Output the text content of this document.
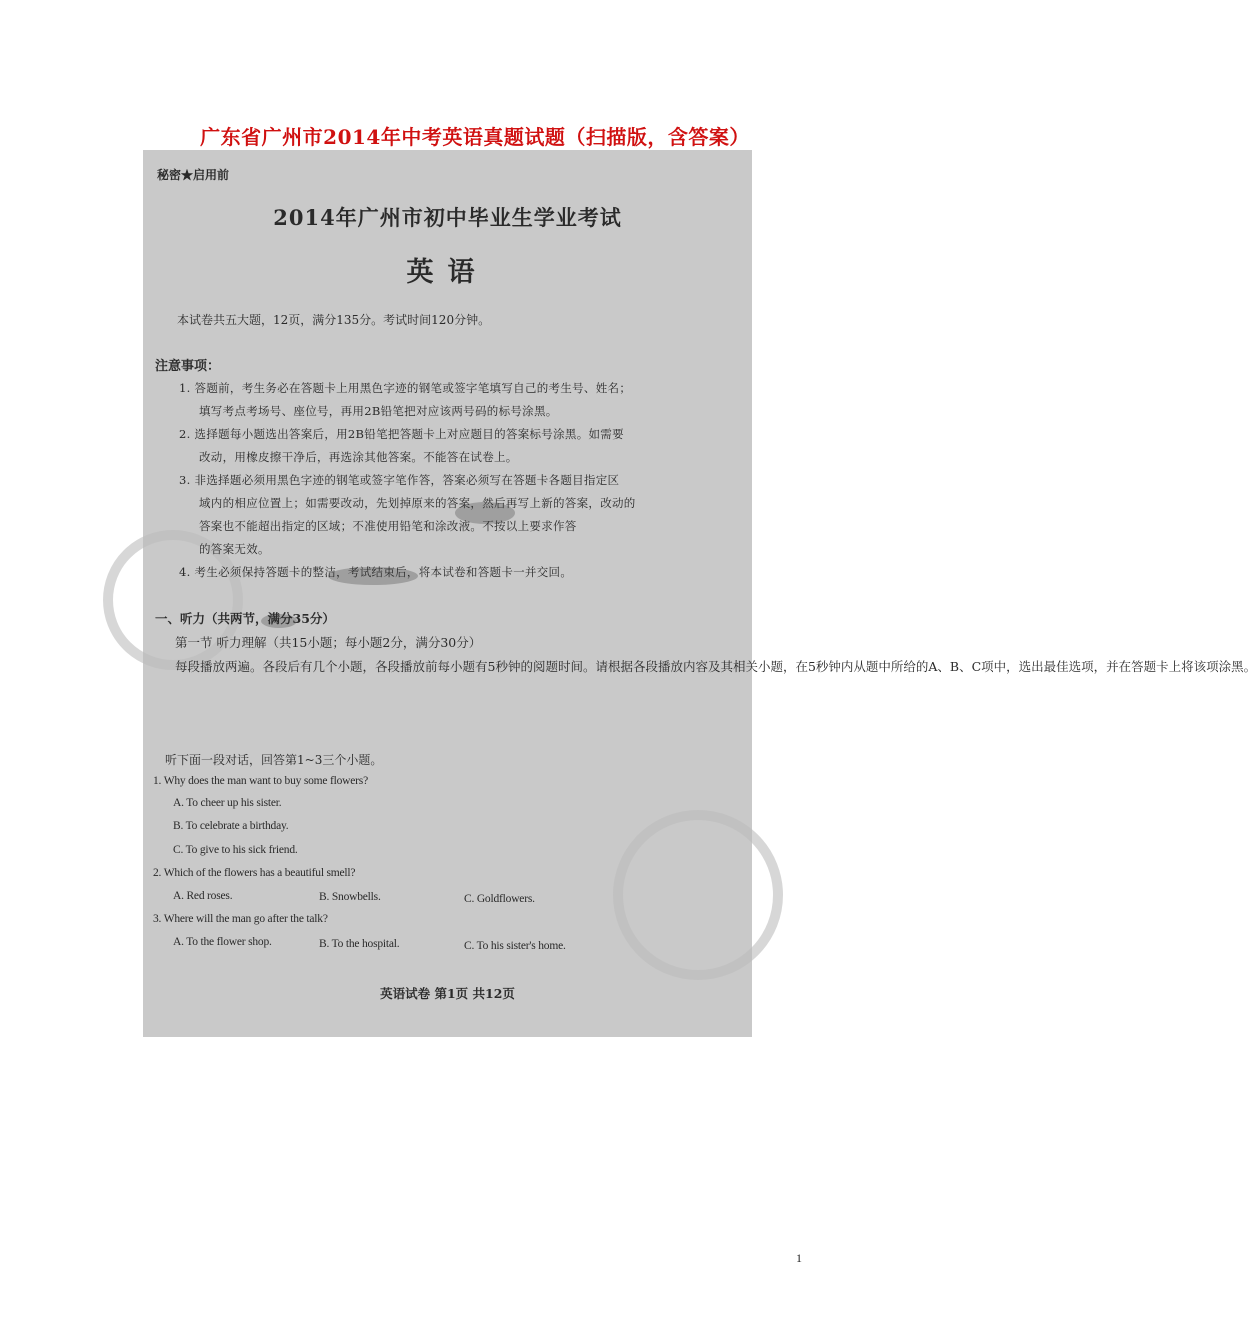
广东省广州市2014年中考英语真题试题（扫描版，含答案）
秘密★启用前
2014年广州市初中毕业生学业考试
英语
本试卷共五大题，12页，满分135分。考试时间120分钟。
注意事项：
1. 答题前，考生务必在答题卡上用黑色字迹的钢笔或签字笔填写自己的考生号、姓名；
填写考点考场号、座位号，再用2B铅笔把对应该两号码的标号涂黑。
2. 选择题每小题选出答案后，用2B铅笔把答题卡上对应题目的答案标号涂黑。如需要
改动，用橡皮擦干净后，再选涂其他答案。不能答在试卷上。
3. 非选择题必须用黑色字迹的钢笔或签字笔作答，答案必须写在答题卡各题目指定区
域内的相应位置上；如需要改动，先划掉原来的答案，然后再写上新的答案，改动的
答案也不能超出指定的区域；不准使用铅笔和涂改液。不按以上要求作答
的答案无效。
4. 考生必须保持答题卡的整洁，考试结束后，将本试卷和答题卡一并交回。
一、听力（共两节，满分35分）
第一节 听力理解（共15小题；每小题2分，满分30分）
每段播放两遍。各段后有几个小题，各段播放前每小题有5秒钟的阅题时间。请根据各段播放内容及其相关小题，在5秒钟内从题中所给的A、B、C项中，选出最佳选项，并在答题卡上将该项涂黑。
听下面一段对话，回答第1~3三个小题。
1. Why does the man want to buy some flowers?
A. To cheer up his sister.
B. To celebrate a birthday.
C. To give to his sick friend.
2. Which of the flowers has a beautiful smell?
A. Red roses.	B. Snowbells.	C. Goldflowers.
3. Where will the man go after the talk?
A. To the flower shop.	B. To the hospital.	C. To his sister's home.
英语试卷 第1页 共12页
1
